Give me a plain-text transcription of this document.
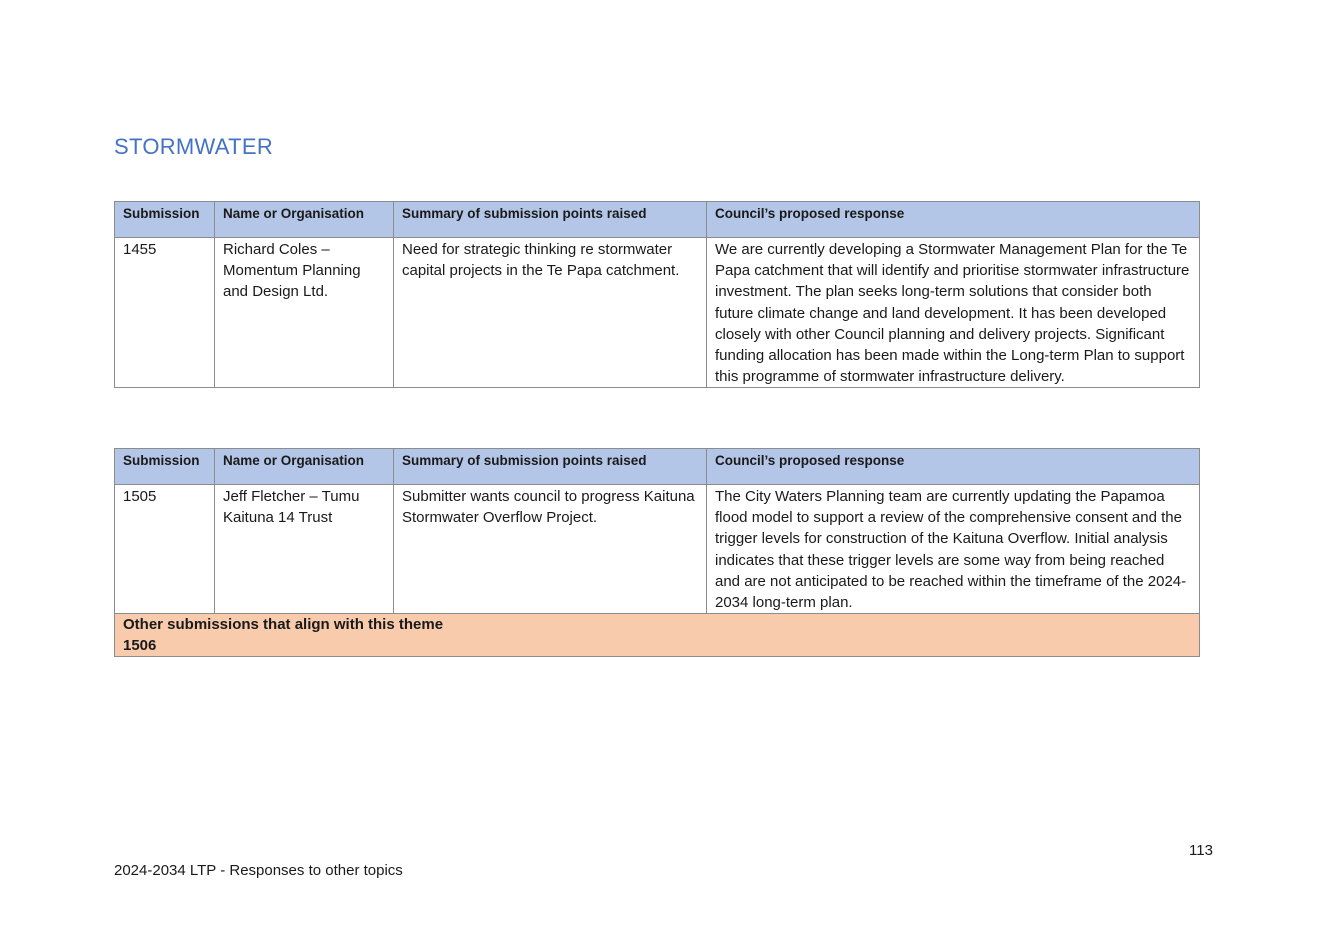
STORMWATER
Submission	Name or Organisation	Summary of submission points raised	Council’s proposed response
1455	Richard Coles – Momentum Planning and Design Ltd.	Need for strategic thinking re stormwater capital projects in the Te Papa catchment.	We are currently developing a Stormwater Management Plan for the Te Papa catchment that will identify and prioritise stormwater infrastructure investment. The plan seeks long-term solutions that consider both future climate change and land development. It has been developed closely with other Council planning and delivery projects. Significant funding allocation has been made within the Long-term Plan to support this programme of stormwater infrastructure delivery.
Submission	Name or Organisation	Summary of submission points raised	Council’s proposed response
1505	Jeff Fletcher – Tumu Kaituna 14 Trust	Submitter wants council to progress Kaituna Stormwater Overflow Project.	The City Waters Planning team are currently updating the Papamoa flood model to support a review of the comprehensive consent and the trigger levels for construction of the Kaituna Overflow. Initial analysis indicates that these trigger levels are some way from being reached and are not anticipated to be reached within the timeframe of the 2024-2034 long-term plan.

Other submissions that align with this theme
1506			
113
2024-2034 LTP - Responses to other topics
